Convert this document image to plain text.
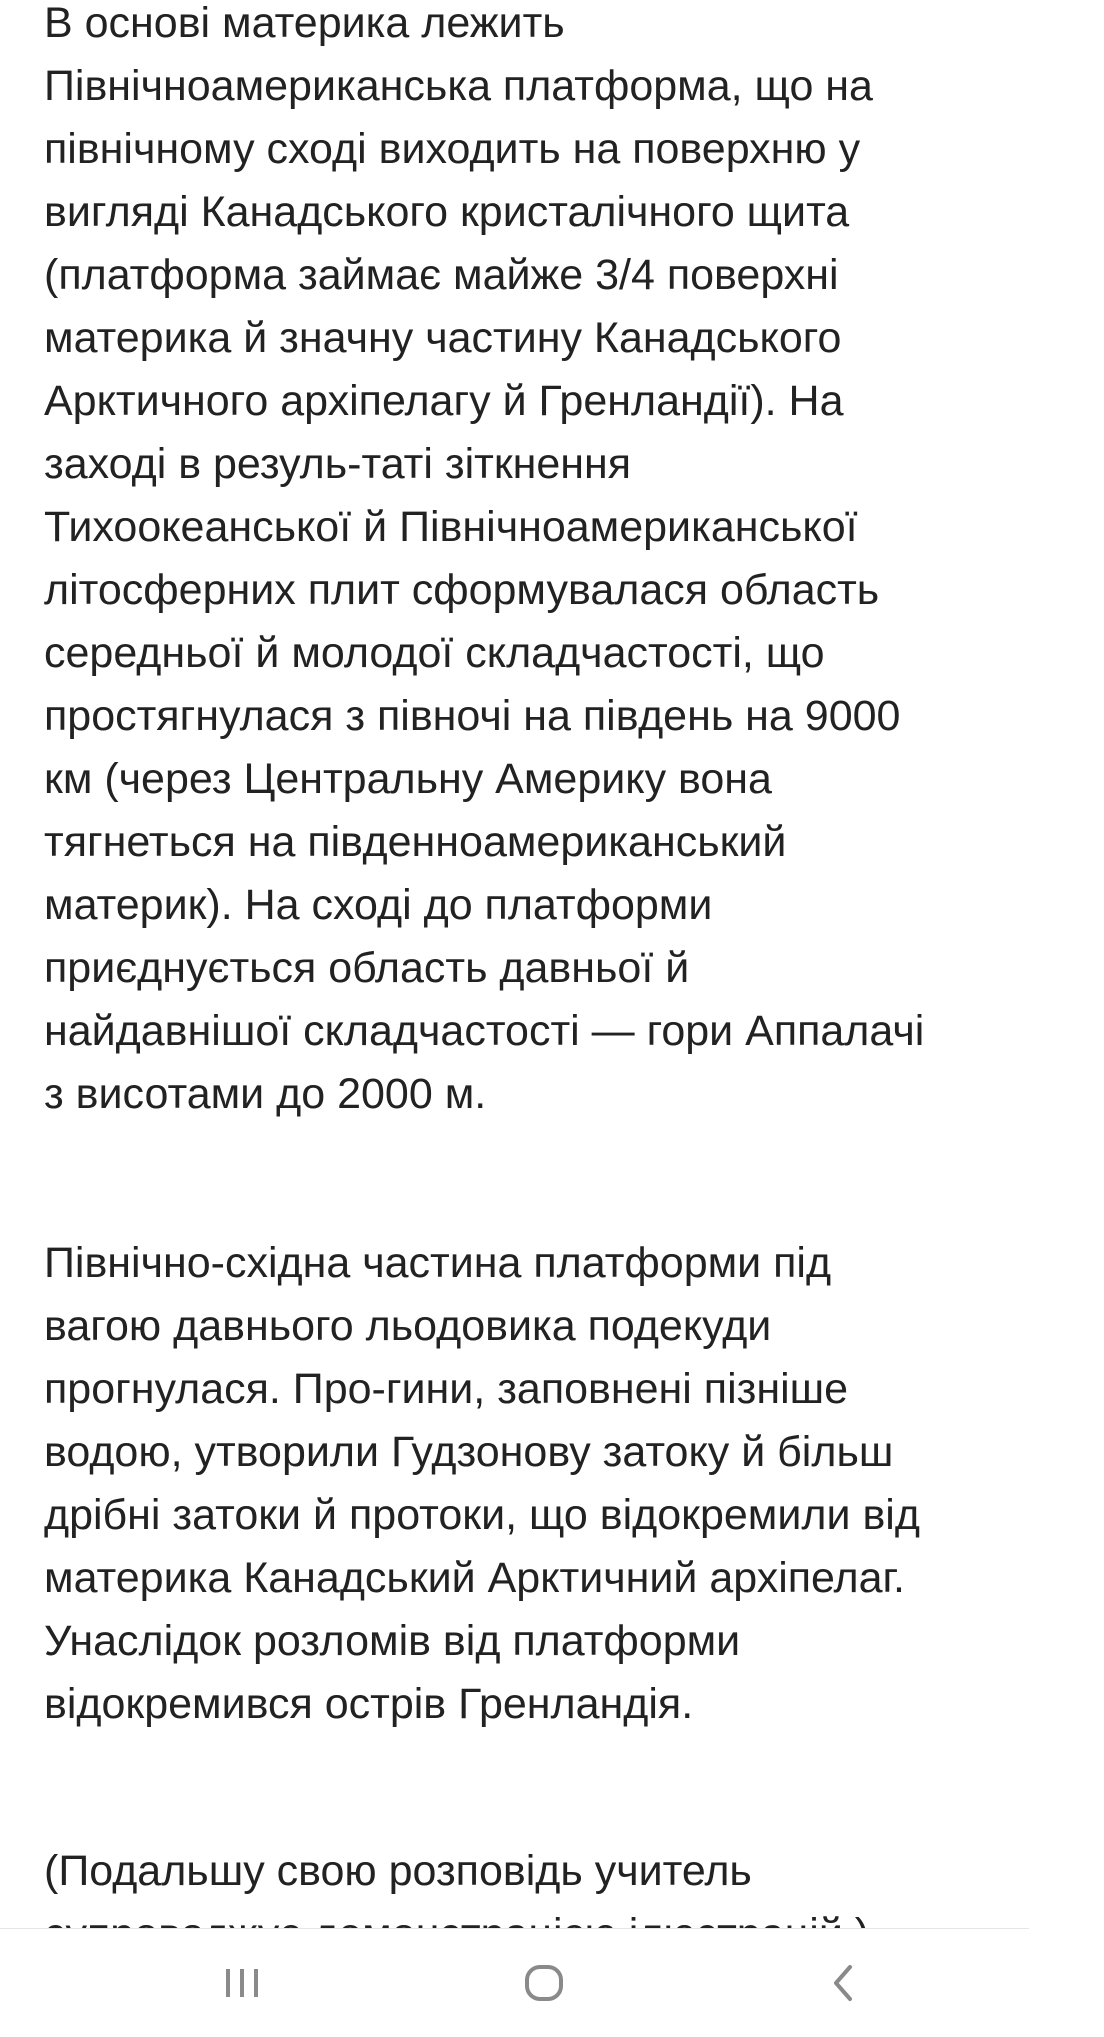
В основі материка лежить
Північноамериканська платформа, що на
північному сході виходить на поверхню у
вигляді Канадського кристалічного щита
(платформа займає майже 3/4 поверхні
материка й значну частину Канадського
Арктичного архіпелагу й Гренландії). На
заході в резуль-таті зіткнення
Тихоокеанської й Північноамериканської
літосферних плит сформувалася область
середньої й молодої складчастості, що
простягнулася з півночі на південь на 9000
км (через Центральну Америку вона
тягнеться на південноамериканський
материк). На сході до платформи
приєднується область давньої й
найдавнішої складчастості — гори Аппалачі
з висотами до 2000 м.

Північно-східна частина платформи під
вагою давнього льодовика подекуди
прогнулася. Про-гини, заповнені пізніше
водою, утворили Гудзонову затоку й більш
дрібні затоки й протоки, що відокремили від
материка Канадський Арктичний архіпелаг.
Унаслідок розломів від платформи
відокремився острів Гренландія.

(Подальшу свою розповідь учитель
